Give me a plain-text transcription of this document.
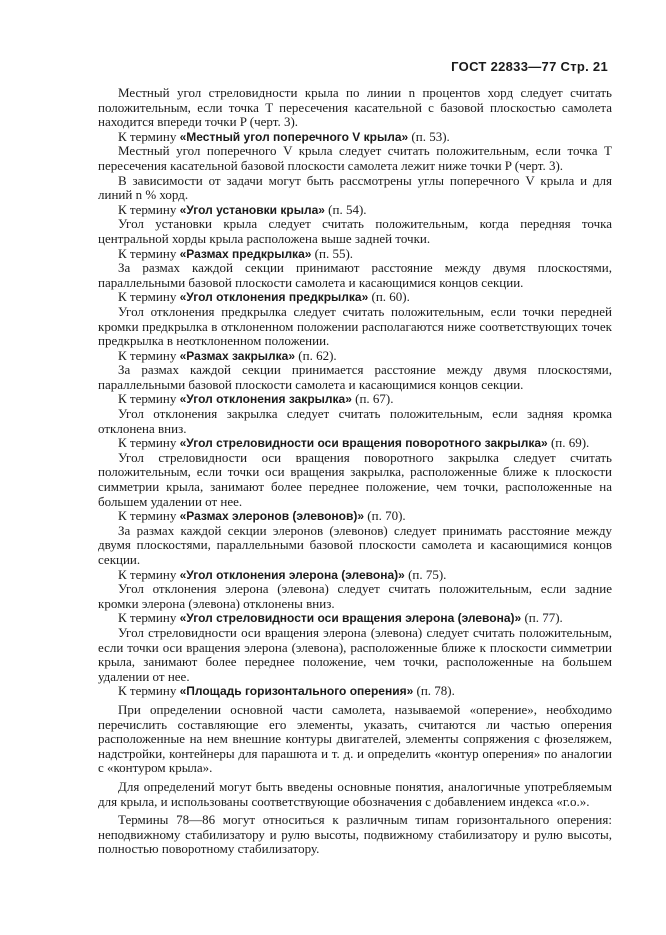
ГОСТ 22833—77 Стр. 21

Местный угол стреловидности крыла по линии n процентов хорд следует считать положительным, если точка T пересечения касательной с базовой плоскостью самолета находится впереди точки P (черт. 3).

К термину «Местный угол поперечного V крыла» (п. 53).

Местный угол поперечного V крыла следует считать положительным, если точка T пересечения касательной базовой плоскости самолета лежит ниже точки P (черт. 3).

В зависимости от задачи могут быть рассмотрены углы поперечного V крыла и для линий n % хорд.

К термину «Угол установки крыла» (п. 54).

Угол установки крыла следует считать положительным, когда передняя точка центральной хорды крыла расположена выше задней точки.

К термину «Размах предкрылка» (п. 55).

За размах каждой секции принимают расстояние между двумя плоскостями, параллельными базовой плоскости самолета и касающимися концов секции.

К термину «Угол отклонения предкрылка» (п. 60).

Угол отклонения предкрылка следует считать положительным, если точки передней кромки предкрылка в отклоненном положении располагаются ниже соответствующих точек предкрылка в неотклоненном положении.

К термину «Размах закрылка» (п. 62).

За размах каждой секции принимается расстояние между двумя плоскостями, параллельными базовой плоскости самолета и касающимися концов секции.

К термину «Угол отклонения закрылка» (п. 67).

Угол отклонения закрылка следует считать положительным, если задняя кромка отклонена вниз.

К термину «Угол стреловидности оси вращения поворотного закрылка» (п. 69).

Угол стреловидности оси вращения поворотного закрылка следует считать положительным, если точки оси вращения закрылка, расположенные ближе к плоскости симметрии крыла, занимают более переднее положение, чем точки, расположенные на большем удалении от нее.

К термину «Размах элеронов (элевонов)» (п. 70).

За размах каждой секции элеронов (элевонов) следует принимать расстояние между двумя плоскостями, параллельными базовой плоскости самолета и касающимися концов секции.

К термину «Угол отклонения элерона (элевона)» (п. 75).

Угол отклонения элерона (элевона) следует считать положительным, если задние кромки элерона (элевона) отклонены вниз.

К термину «Угол стреловидности оси вращения элерона (элевона)» (п. 77).

Угол стреловидности оси вращения элерона (элевона) следует считать положительным, если точки оси вращения элерона (элевона), расположенные ближе к плоскости симметрии крыла, занимают более переднее положение, чем точки, расположенные на большем удалении от нее.

К термину «Площадь горизонтального оперения» (п. 78).

При определении основной части самолета, называемой «оперение», необходимо перечислить составляющие его элементы, указать, считаются ли частью оперения расположенные на нем внешние контуры двигателей, элементы сопряжения с фюзеляжем, надстройки, контейнеры для парашюта и т. д. и определить «контур оперения» по аналогии с «контуром крыла».

Для определений могут быть введены основные понятия, аналогичные употребляемым для крыла, и использованы соответствующие обозначения с добавлением индекса «г.о.».

Термины 78—86 могут относиться к различным типам горизонтального оперения: неподвижному стабилизатору и рулю высоты, подвижному стабилизатору и рулю высоты, полностью поворотному стабилизатору.
